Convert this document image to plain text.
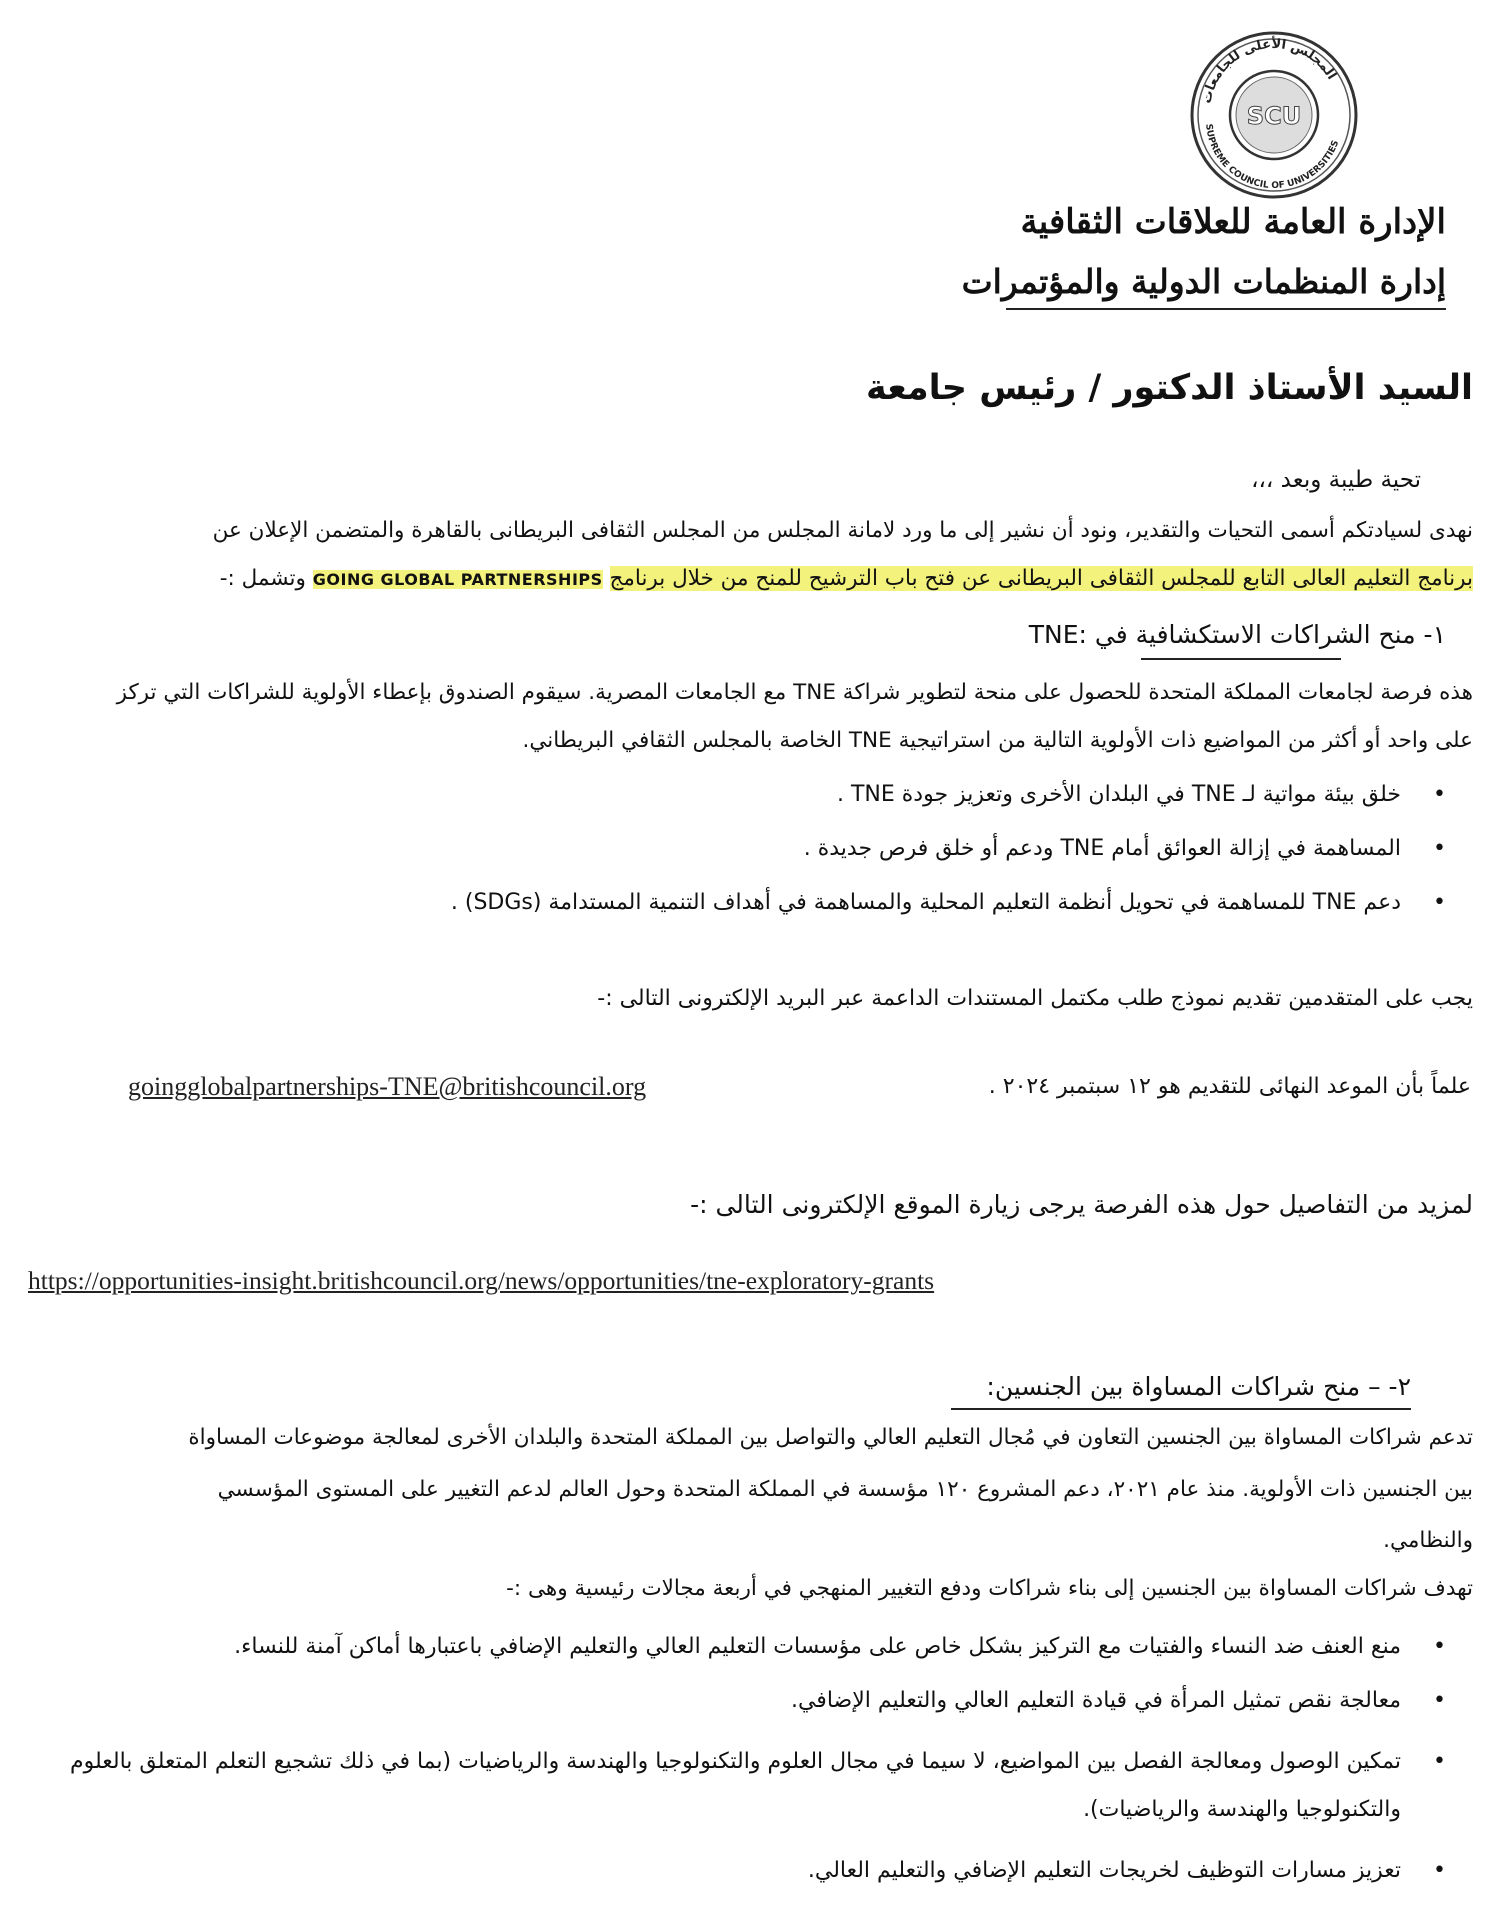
المجلس الأعلى للجامعات
SUPREME COUNCIL OF UNIVERSITIES
SCU
الإدارة العامة للعلاقات الثقافية
إدارة المنظمات الدولية والمؤتمرات
السيد الأستاذ الدكتور / رئيس جامعة
تحية طيبة وبعد ،،،
نهدى لسيادتكم أسمى التحيات والتقدير، ونود أن نشير إلى ما ورد لامانة المجلس من المجلس الثقافى البريطانى بالقاهرة والمتضمن الإعلان عن
برنامج التعليم العالى التابع للمجلس الثقافى البريطانى عن فتح باب الترشيح للمنح من خلال برنامج GOING GLOBAL PARTNERSHIPS وتشمل :-
١- منح الشراكات الاستكشافية في :TNE
هذه فرصة لجامعات المملكة المتحدة للحصول على منحة لتطوير شراكة TNE مع الجامعات المصرية. سيقوم الصندوق بإعطاء الأولوية للشراكات التي تركز
على واحد أو أكثر من المواضيع ذات الأولوية التالية من استراتيجية TNE الخاصة بالمجلس الثقافي البريطاني.
•
خلق بيئة مواتية لـ TNE في البلدان الأخرى وتعزيز جودة TNE .
•
المساهمة في إزالة العوائق أمام TNE ودعم أو خلق فرص جديدة .
•
دعم TNE للمساهمة في تحويل أنظمة التعليم المحلية والمساهمة في أهداف التنمية المستدامة (SDGs) .
يجب على المتقدمين تقديم نموذج طلب مكتمل المستندات الداعمة عبر البريد الإلكترونى التالى :-
علماً بأن الموعد النهائى للتقديم هو ١٢ سبتمبر ٢٠٢٤ .
goingglobalpartnerships-TNE@britishcouncil.org
لمزيد من التفاصيل حول هذه الفرصة يرجى زيارة الموقع الإلكترونى التالى :-
https://opportunities-insight.britishcouncil.org/news/opportunities/tne-exploratory-grants
٢- – منح شراكات المساواة بين الجنسين:
تدعم شراكات المساواة بين الجنسين التعاون في مُجال التعليم العالي والتواصل بين المملكة المتحدة والبلدان الأخرى لمعالجة موضوعات المساواة
بين الجنسين ذات الأولوية. منذ عام ٢٠٢١، دعم المشروع ١٢٠ مؤسسة في المملكة المتحدة وحول العالم لدعم التغيير على المستوى المؤسسي
والنظامي.
تهدف شراكات المساواة بين الجنسين إلى بناء شراكات ودفع التغيير المنهجي في أربعة مجالات رئيسية وهى :-
•
منع العنف ضد النساء والفتيات مع التركيز بشكل خاص على مؤسسات التعليم العالي والتعليم الإضافي باعتبارها أماكن آمنة للنساء.
•
معالجة نقص تمثيل المرأة في قيادة التعليم العالي والتعليم الإضافي.
•
تمكين الوصول ومعالجة الفصل بين المواضيع، لا سيما في مجال العلوم والتكنولوجيا والهندسة والرياضيات (بما في ذلك تشجيع التعلم المتعلق بالعلوم والتكنولوجيا والهندسة والرياضيات).
•
تعزيز مسارات التوظيف لخريجات التعليم الإضافي والتعليم العالي.
